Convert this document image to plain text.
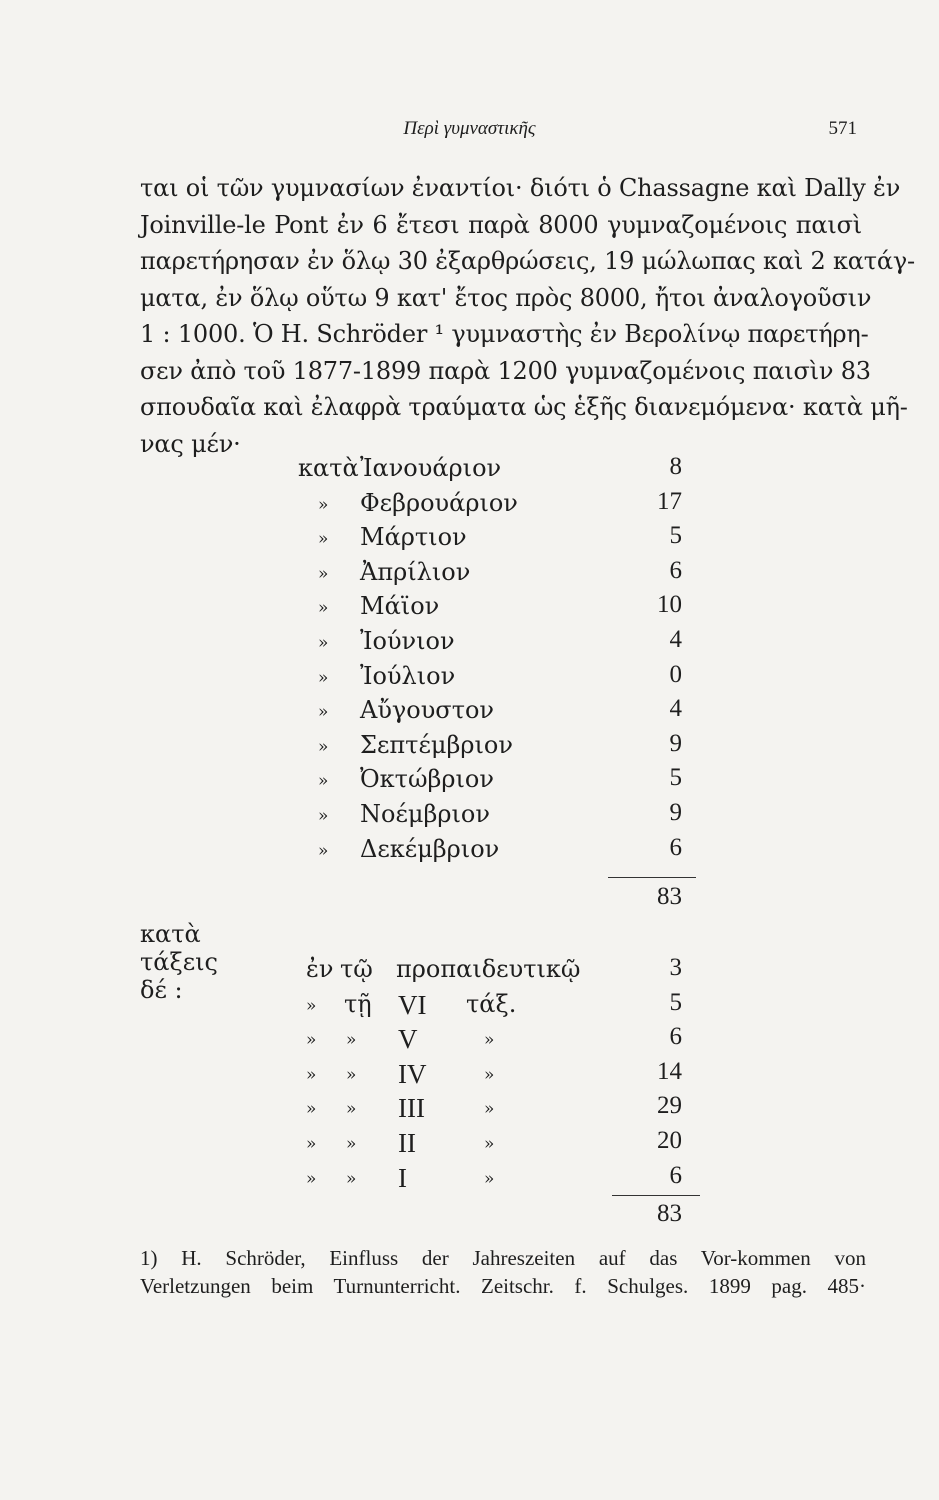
Περὶ γυμναστικῆς	571
ται οἱ τῶν γυμνασίων ἐναντίοι· διότι ὁ Chassagne καὶ Dally ἐν
Joinville-le Pont ἐν 6 ἔτεσι παρὰ 8000 γυμναζομένοις παισὶ
παρετήρησαν ἐν ὅλῳ 30 ἐξαρθρώσεις, 19 μώλωπας καὶ 2 κατάγ-
ματα, ἐν ὅλῳ οὕτω 9 κατ' ἔτος πρὸς 8000, ἤτοι ἀναλογοῦσιν
1 : 1000. Ὁ H. Schröder ¹ γυμναστὴς ἐν Βερολίνῳ παρετήρη-
σεν ἀπὸ τοῦ 1877-1899 παρὰ 1200 γυμναζομένοις παισὶν 83
σπουδαῖα καὶ ἐλαφρὰ τραύματα ὡς ἑξῆς διανεμόμενα· κατὰ μῆ-
νας μέν·
κατὰ Ἰανουάριον	8
» Φεβρουάριον	17
» Μάρτιον	5
» Ἀπρίλιον	6
» Μάϊον	10
» Ἰούνιον	4
» Ἰούλιον	0
» Αὔγουστον	4
» Σεπτέμβριον	9
» Ὀκτώβριον	5
» Νοέμβριον	9
» Δεκέμβριον	6
83
κατὰ τάξεις δέ :
ἐν τῷ προπαιδευτικῷ	3
» τῇ VI τάξ.	5
» » V	»	6
» » IV	»	14
» » III	»	29
» » II	»	20
» » I	»	6
83
1) H. Schröder, Einfluss der Jahreszeiten auf das Vor-kommen von
Verletzungen beim Turnunterricht. Zeitschr. f. Schulges. 1899 pag. 485·
